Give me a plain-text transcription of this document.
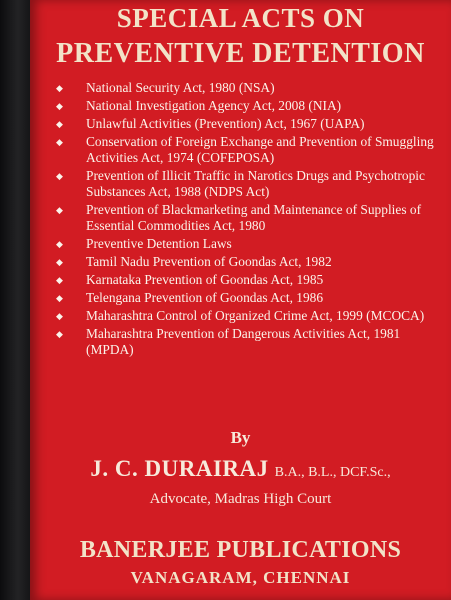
SPECIAL ACTS ON
PREVENTIVE DETENTION
◆ National Security Act, 1980 (NSA)
◆ National Investigation Agency Act, 2008 (NIA)
◆ Unlawful Activities (Prevention) Act, 1967 (UAPA)
◆ Conservation of Foreign Exchange and Prevention of Smuggling Activities Act, 1974 (COFEPOSA)
◆ Prevention of Illicit Traffic in Narotics Drugs and Psychotropic Substances Act, 1988 (NDPS Act)
◆ Prevention of Blackmarketing and Maintenance of Supplies of Essential Commodities Act, 1980
◆ Preventive Detention Laws
◆ Tamil Nadu Prevention of Goondas Act, 1982
◆ Karnataka Prevention of Goondas Act, 1985
◆ Telengana Prevention of Goondas Act, 1986
◆ Maharashtra Control of Organized Crime Act, 1999 (MCOCA)
◆ Maharashtra Prevention of Dangerous Activities Act, 1981 (MPDA)
By
J. C. DURAIRAJ B.A., B.L., DCF.Sc.,
Advocate, Madras High Court
BANERJEE PUBLICATIONS
VANAGARAM, CHENNAI
